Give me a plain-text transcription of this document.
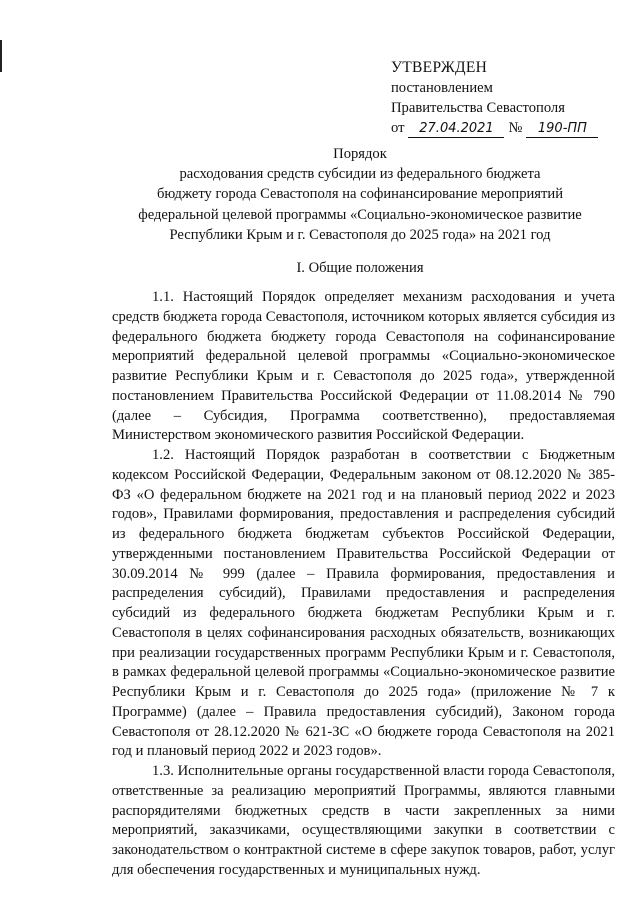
УТВЕРЖДЕН
постановлением
Правительства Севастополя
от 27.04.2021 № 190-ПП
Порядок
расходования средств субсидии из федерального бюджета
бюджету города Севастополя на софинансирование мероприятий
федеральной целевой программы «Социально-экономическое развитие
Республики Крым и г. Севастополя до 2025 года» на 2021 год
I. Общие положения

1.1. Настоящий Порядок определяет механизм расходования и учета средств бюджета города Севастополя, источником которых является субсидия из федерального бюджета бюджету города Севастополя на софинансирование мероприятий федеральной целевой программы «Социально-экономическое развитие Республики Крым и г. Севастополя до 2025 года», утвержденной постановлением Правительства Российской Федерации от 11.08.2014 № 790 (далее – Субсидия, Программа соответственно), предоставляемая Министерством экономического развития Российской Федерации.

1.2. Настоящий Порядок разработан в соответствии с Бюджетным кодексом Российской Федерации, Федеральным законом от 08.12.2020 № 385-ФЗ «О федеральном бюджете на 2021 год и на плановый период 2022 и 2023 годов», Правилами формирования, предоставления и распределения субсидий из федерального бюджета бюджетам субъектов Российской Федерации, утвержденными постановлением Правительства Российской Федерации от 30.09.2014 № 999 (далее – Правила формирования, предоставления и распределения субсидий), Правилами предоставления и распределения субсидий из федерального бюджета бюджетам Республики Крым и г. Севастополя в целях софинансирования расходных обязательств, возникающих при реализации государственных программ Республики Крым и г. Севастополя, в рамках федеральной целевой программы «Социально-экономическое развитие Республики Крым и г. Севастополя до 2025 года» (приложение № 7 к Программе) (далее – Правила предоставления субсидий), Законом города Севастополя от 28.12.2020 № 621-ЗС «О бюджете города Севастополя на 2021 год и плановый период 2022 и 2023 годов».

1.3. Исполнительные органы государственной власти города Севастополя, ответственные за реализацию мероприятий Программы, являются главными распорядителями бюджетных средств в части закрепленных за ними мероприятий, заказчиками, осуществляющими закупки в соответствии с законодательством о контрактной системе в сфере закупок товаров, работ, услуг для обеспечения государственных и муниципальных нужд.
